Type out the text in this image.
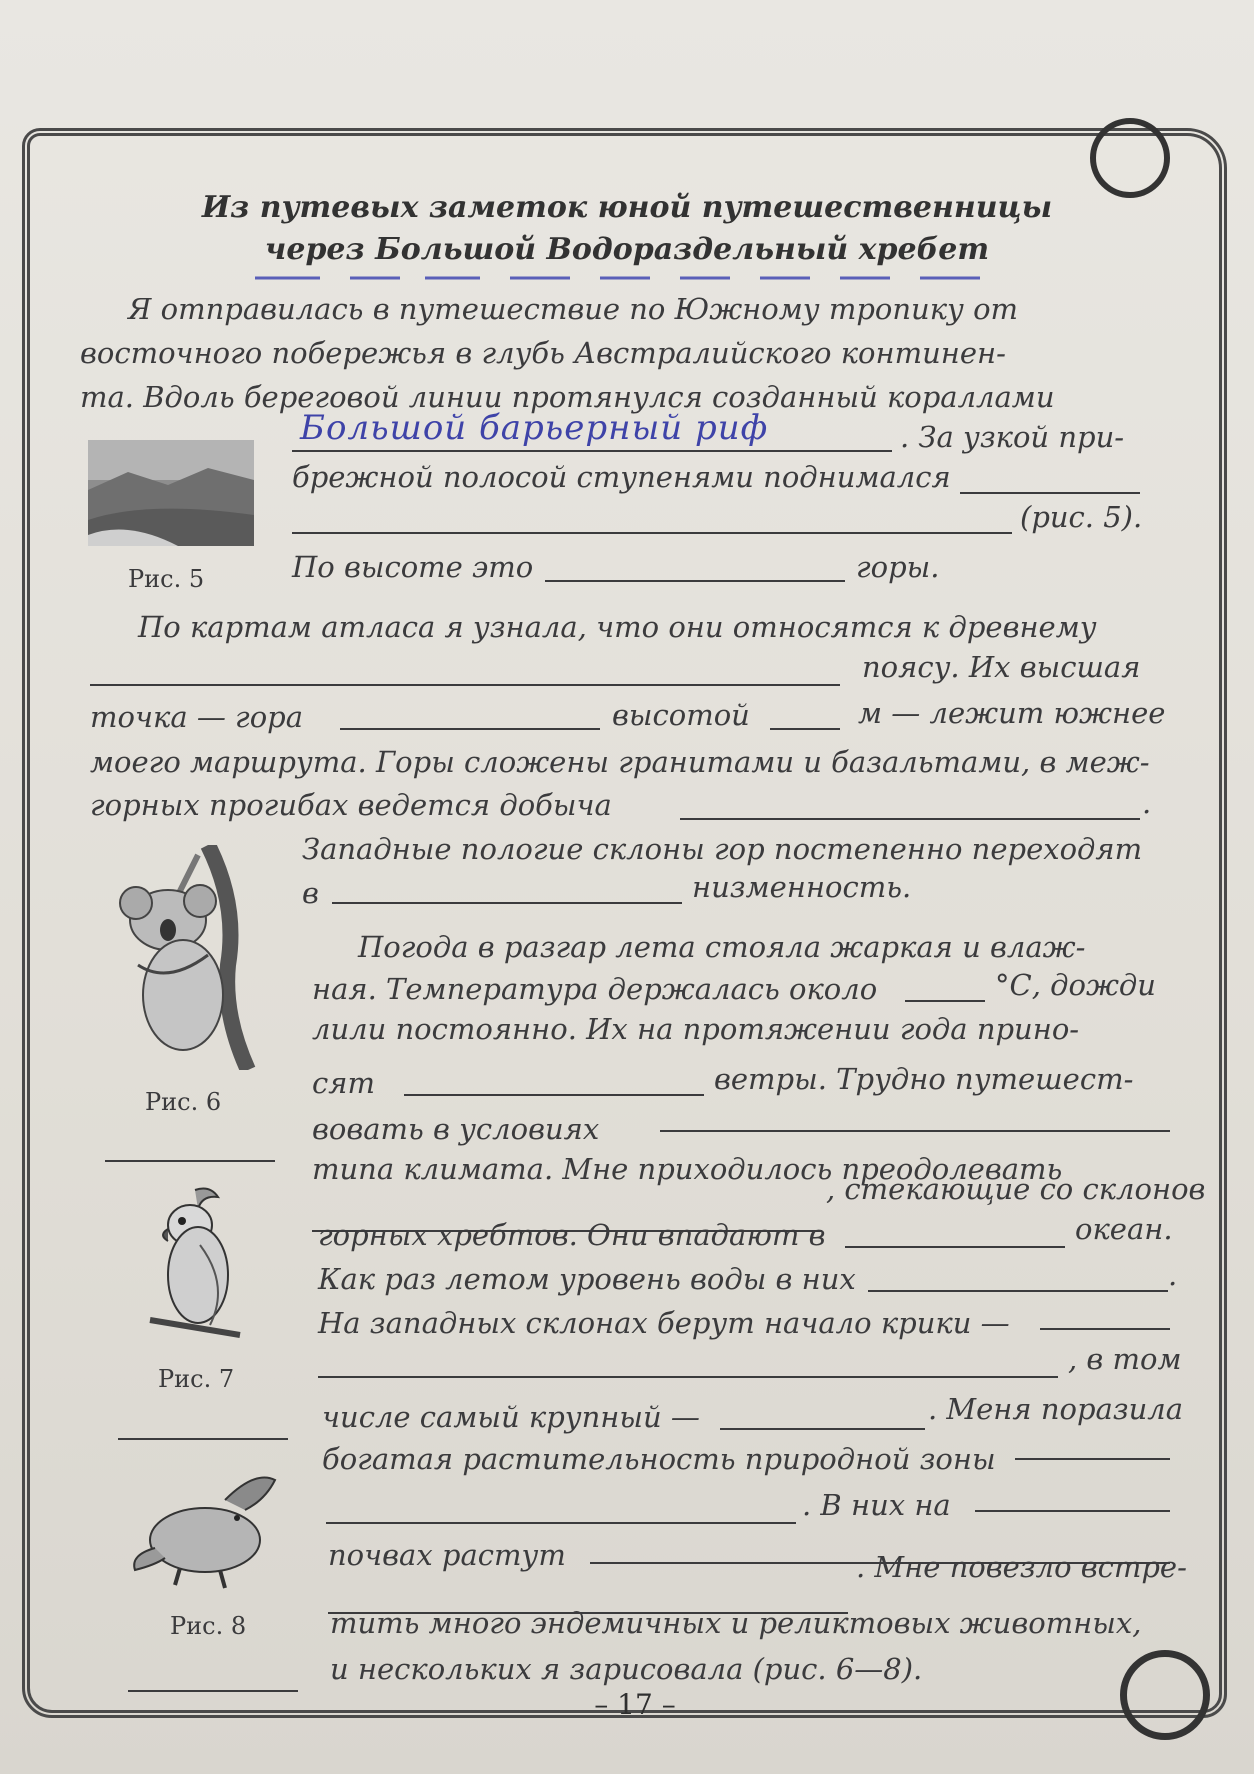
Из путевых заметок юной путешественницы
через Большой Водораздельный хребет
Я отправилась в путешествие по Южному тропику от
восточного побережья в глубь Австралийского континен-
та. Вдоль береговой линии протянулся созданный кораллами
Рис. 5
Большой барьерный риф	. За узкой при-
брежной полосой ступенями поднимался
(рис. 5).
По высоте это	горы.
По картам атласа я узнала, что они относятся к древнему
поясу. Их высшая
точка — гора	высотой	м — лежит южнее
моего маршрута. Горы сложены гранитами и базальтами, в меж-
горных прогибах ведется добыча	.
Рис. 6
Западные пологие склоны гор постепенно переходят
в	низменность.
Погода в разгар лета стояла жаркая и влаж-
ная. Температура держалась около	°С, дожди
лили постоянно. Их на протяжении года прино-
сят	ветры. Трудно путешест-
вовать в условиях
типа климата. Мне приходилось преодолевать
, стекающие со склонов
Рис. 7
горных хребтов. Они впадают в	океан.
Как раз летом уровень воды в них	.
На западных склонах берут начало крики —
, в том
числе самый крупный —	. Меня поразила
богатая растительность природной зоны
. В них на
Рис. 8
почвах растут	. Мне повезло встре-
тить много эндемичных и реликтовых животных,
и нескольких я зарисовала (рис. 6—8).
– 17 –
